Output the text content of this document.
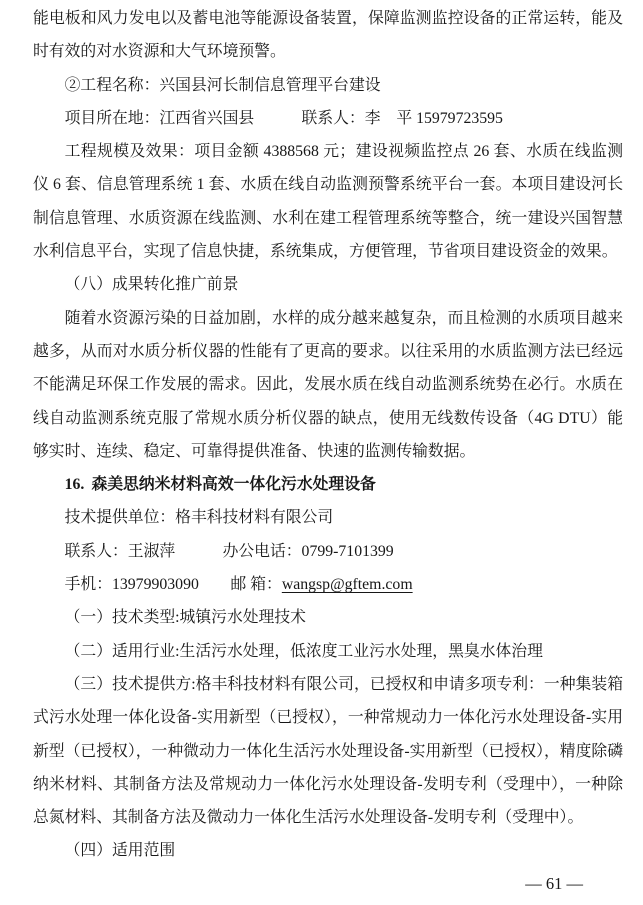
能电板和风力发电以及蓄电池等能源设备装置，保障监测监控设备的正常运转，能及时有效的对水资源和大气环境预警。

②工程名称：兴国县河长制信息管理平台建设

项目所在地：江西省兴国县　　　联系人：李　平 15979723595

工程规模及效果：项目金额 4388568 元；建设视频监控点 26 套、水质在线监测仪 6 套、信息管理系统 1 套、水质在线自动监测预警系统平台一套。本项目建设河长制信息管理、水质资源在线监测、水利在建工程管理系统等整合，统一建设兴国智慧水利信息平台，实现了信息快捷，系统集成，方便管理，节省项目建设资金的效果。

（八）成果转化推广前景

随着水资源污染的日益加剧，水样的成分越来越复杂，而且检测的水质项目越来越多，从而对水质分析仪器的性能有了更高的要求。以往采用的水质监测方法已经远不能满足环保工作发展的需求。因此，发展水质在线自动监测系统势在必行。水质在线自动监测系统克服了常规水质分析仪器的缺点，使用无线数传设备（4G DTU）能够实时、连续、稳定、可靠得提供准备、快速的监测传输数据。

16. 森美思纳米材料高效一体化污水处理设备

技术提供单位：格丰科技材料有限公司

联系人：王淑萍　　　办公电话：0799-7101399

手机：13979903090　　邮 箱：wangsp@gftem.com

（一）技术类型:城镇污水处理技术

（二）适用行业:生活污水处理，低浓度工业污水处理，黑臭水体治理

（三）技术提供方:格丰科技材料有限公司，已授权和申请多项专利：一种集装箱式污水处理一体化设备-实用新型（已授权），一种常规动力一体化污水处理设备-实用新型（已授权），一种微动力一体化生活污水处理设备-实用新型（已授权），精度除磷纳米材料、其制备方法及常规动力一体化污水处理设备-发明专利（受理中），一种除总氮材料、其制备方法及微动力一体化生活污水处理设备-发明专利（受理中）。

（四）适用范围

— 61 —
